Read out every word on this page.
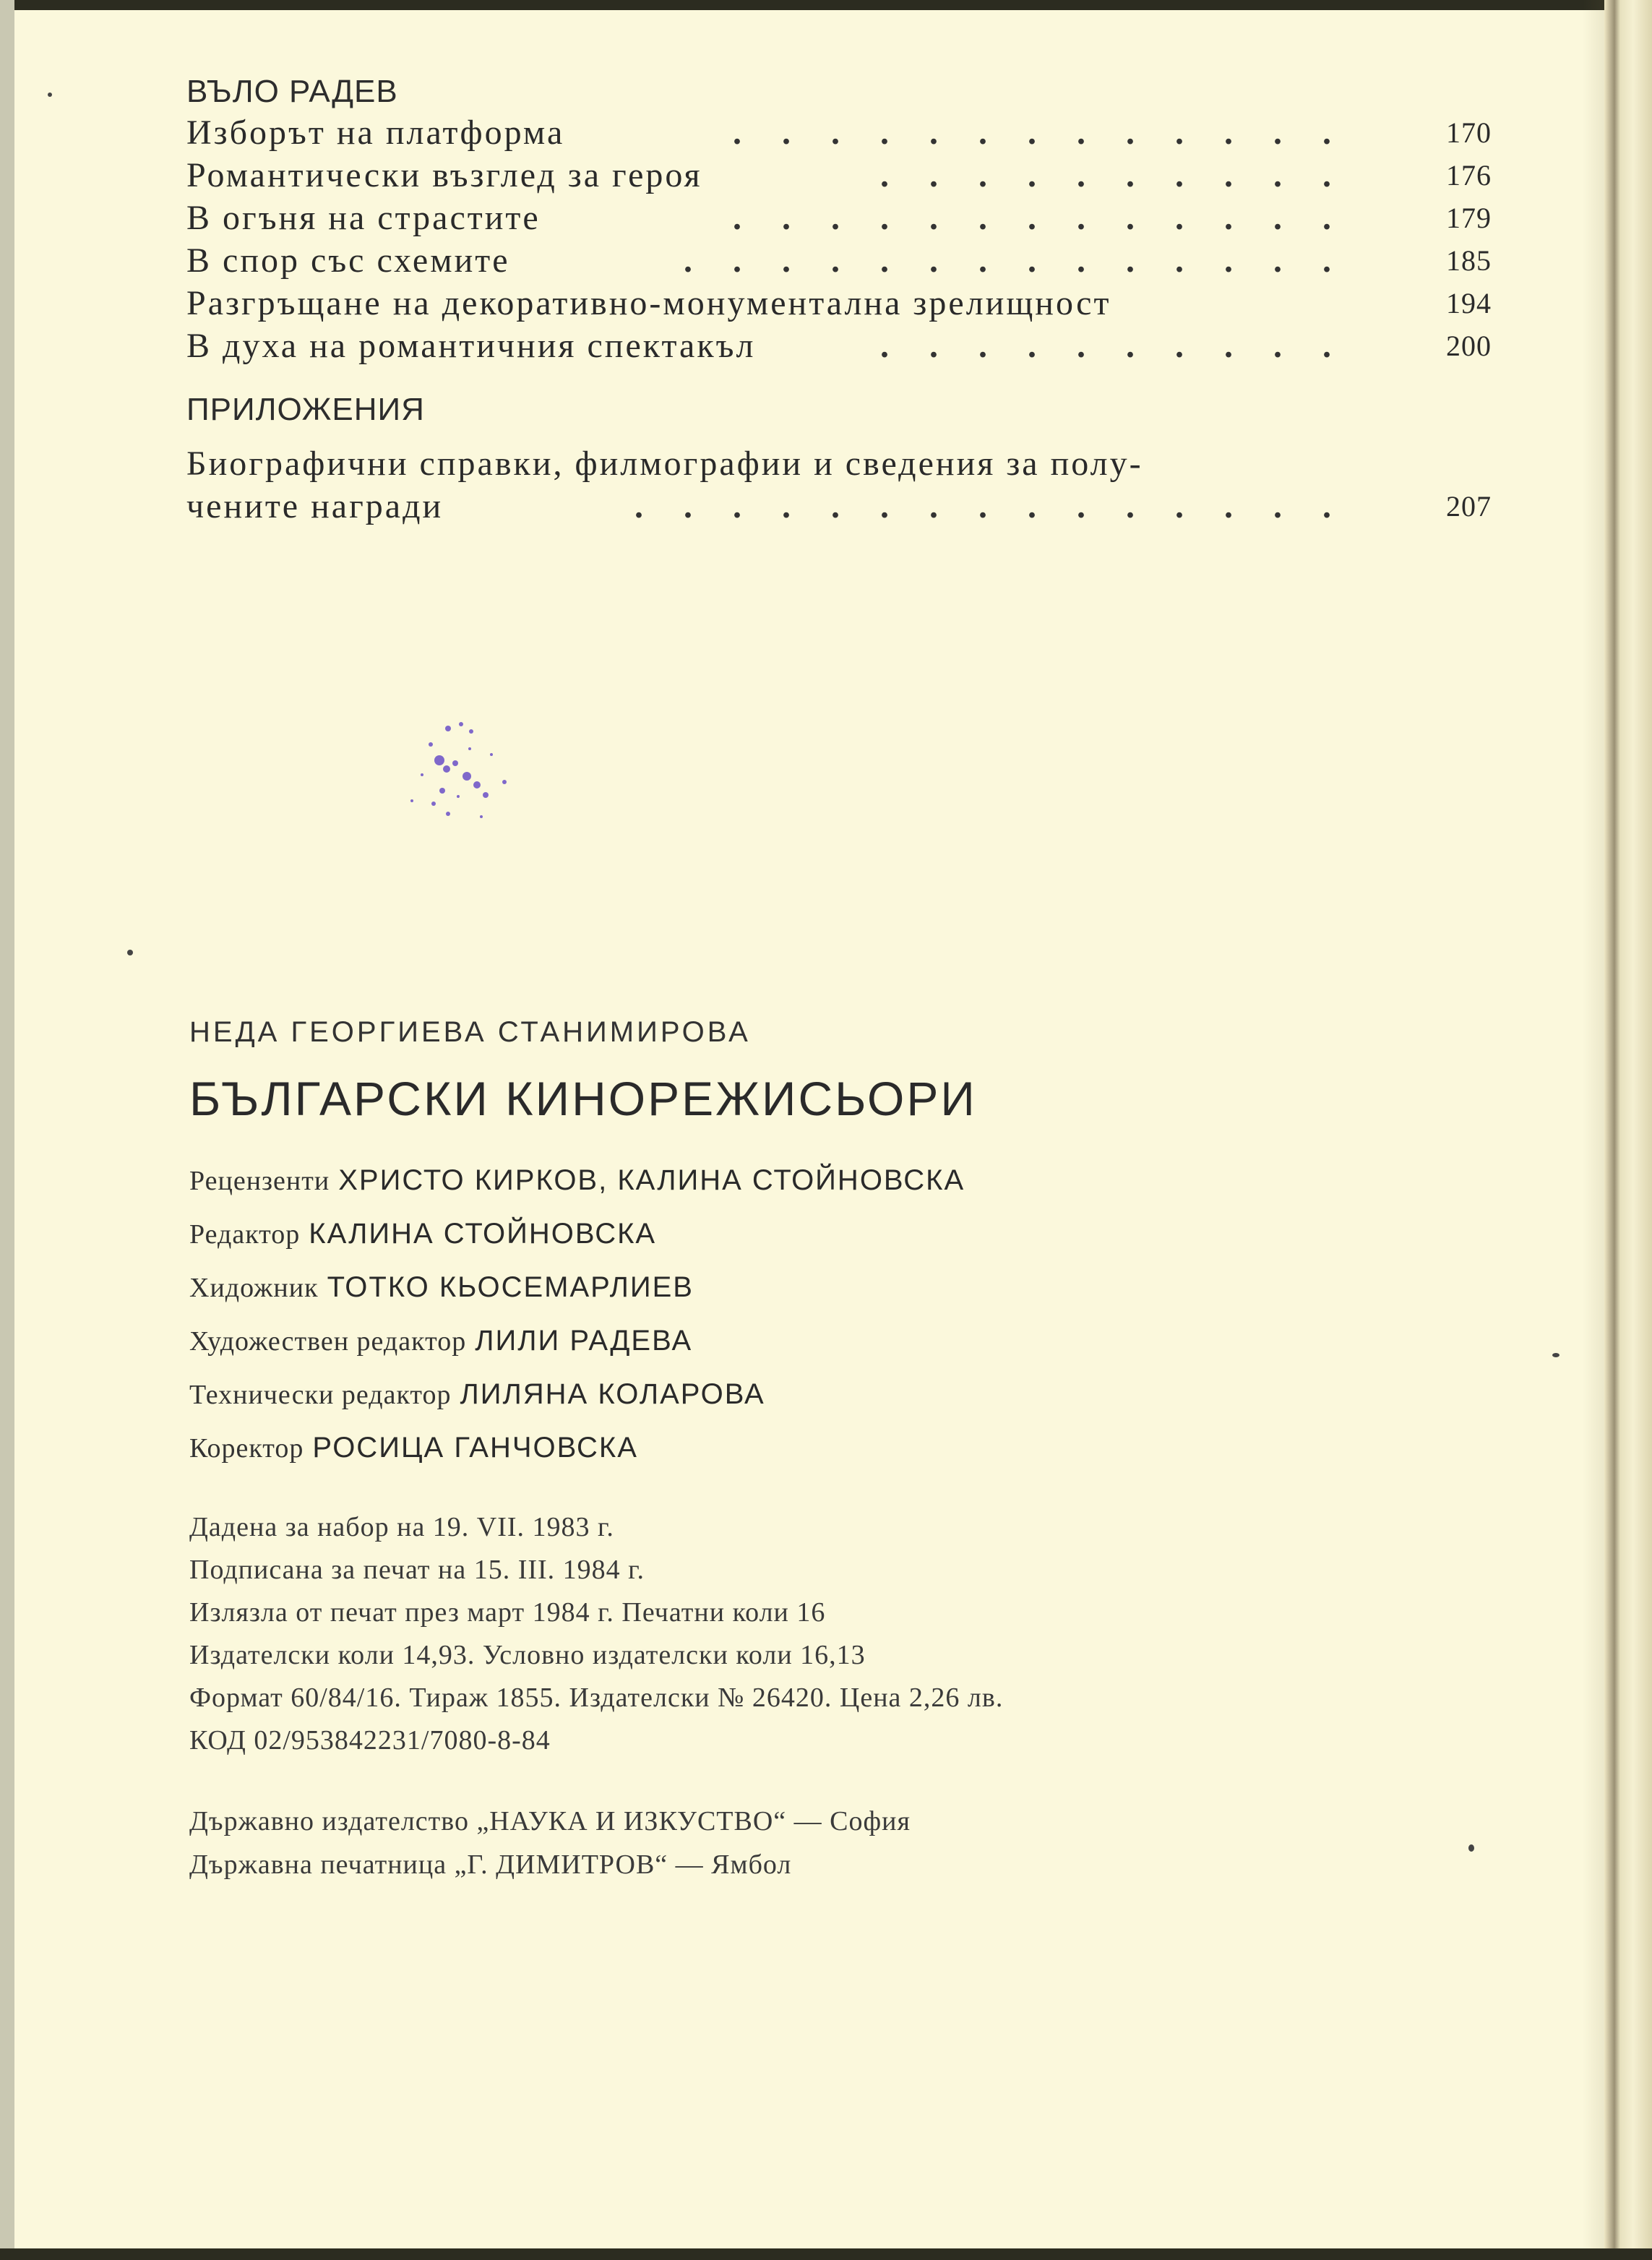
ВЪЛО РАДЕВ
Изборът на платформа	. . . . . . . . . . . . .	170
Романтически възглед за героя	. . . . . . . . . .	176
В огъня на страстите	. . . . . . . . . . . . .	179
В спор със схемите	. . . . . . . . . . . . . .	185
Разгръщане на декоративно-монументална зрелищност	194
В духа на романтичния спектакъл	. . . . . . . . . .	200
ПРИЛОЖЕНИЯ
Биографични справки, филмографии и сведения за полу-
чените награди	. . . . . . . . . . . . . . .	207
НЕДА ГЕОРГИЕВА СТАНИМИРОВА
БЪЛГАРСКИ КИНОРЕЖИСЬОРИ
Рецензенти ХРИСТО КИРКОВ, КАЛИНА СТОЙНОВСКА
Редактор КАЛИНА СТОЙНОВСКА
Хидожник ТОТКО КЬОСЕМАРЛИЕВ
Художествен редактор ЛИЛИ РАДЕВА
Технически редактор ЛИЛЯНА КОЛАРОВА
Коректор РОСИЦА ГАНЧОВСКА
Дадена за набор на 19. VII. 1983 г.
Подписана за печат на 15. III. 1984 г.
Излязла от печат през март 1984 г. Печатни коли 16
Издателски коли 14,93. Условно издателски коли 16,13
Формат 60/84/16. Тираж 1855. Издателски № 26420. Цена 2,26 лв.
КОД 02/953842231/7080-8-84
Държавно издателство „НАУКА И ИЗКУСТВО“ — София
Държавна печатница „Г. ДИМИТРОВ“ — Ямбол
